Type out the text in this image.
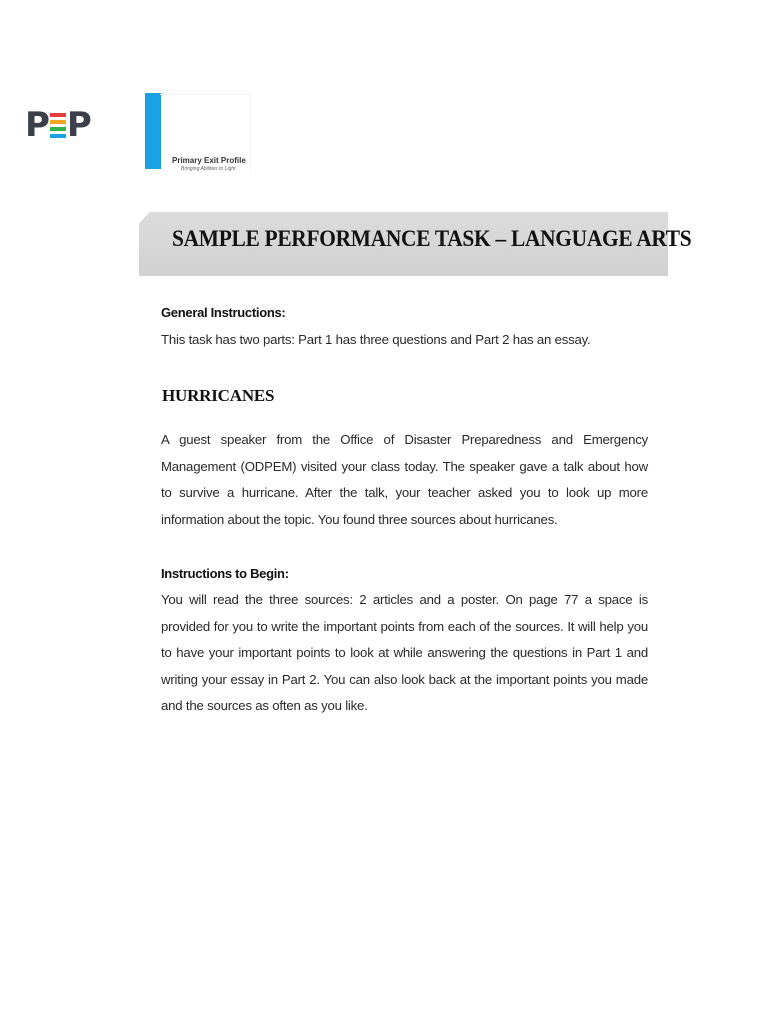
P P
Primary Exit Profile
Bringing Abilities to Light
SAMPLE PERFORMANCE TASK – LANGUAGE ARTS
General Instructions:
This task has two parts: Part 1 has three questions and Part 2 has an essay.
HURRICANES
A guest speaker from the Office of Disaster Preparedness and Emergency Management (ODPEM) visited your class today. The speaker gave a talk about how to survive a hurricane. After the talk, your teacher asked you to look up more information about the topic. You found three sources about hurricanes.
Instructions to Begin:
You will read the three sources: 2 articles and a poster. On page 77 a space is provided for you to write the important points from each of the sources. It will help you to have your important points to look at while answering the questions in Part 1 and writing your essay in Part 2. You can also look back at the important points you made and the sources as often as you like.
